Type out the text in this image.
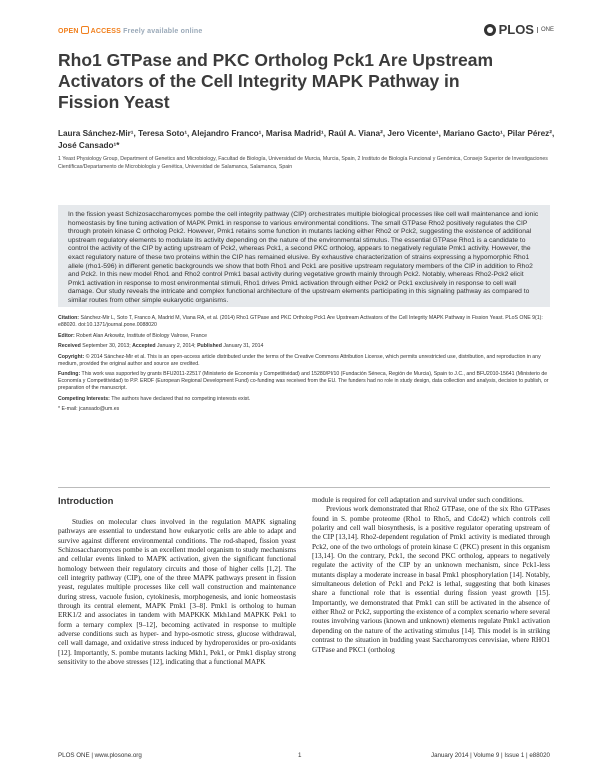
OPEN ACCESS Freely available online	PLOS	ONE
Rho1 GTPase and PKC Ortholog Pck1 Are Upstream Activators of the Cell Integrity MAPK Pathway in Fission Yeast
Laura Sánchez-Mir¹, Teresa Soto¹, Alejandro Franco¹, Marisa Madrid¹, Raúl A. Viana², Jero Vicente¹, Mariano Gacto¹, Pilar Pérez², José Cansado¹*
1 Yeast Physiology Group, Department of Genetics and Microbiology, Facultad de Biología, Universidad de Murcia, Murcia, Spain, 2 Instituto de Biología Funcional y Genómica, Consejo Superior de Investigaciones Científicas/Departamento de Microbiología y Genética, Universidad de Salamanca, Salamanca, Spain

In the fission yeast Schizosaccharomyces pombe the cell integrity pathway (CIP) orchestrates multiple biological processes like cell wall maintenance and ionic homeostasis by fine tuning activation of MAPK Pmk1 in response to various environmental conditions. The small GTPase Rho2 positively regulates the CIP through protein kinase C ortholog Pck2. However, Pmk1 retains some function in mutants lacking either Rho2 or Pck2, suggesting the existence of additional upstream regulatory elements to modulate its activity depending on the nature of the environmental stimulus. The essential GTPase Rho1 is a candidate to control the activity of the CIP by acting upstream of Pck2, whereas Pck1, a second PKC ortholog, appears to negatively regulate Pmk1 activity. However, the exact regulatory nature of these two proteins within the CIP has remained elusive. By exhaustive characterization of strains expressing a hypomorphic Rho1 allele (rho1-596) in different genetic backgrounds we show that both Rho1 and Pck1 are positive upstream regulatory members of the CIP in addition to Rho2 and Pck2. In this new model Rho1 and Rho2 control Pmk1 basal activity during vegetative growth mainly through Pck2. Notably, whereas Rho2-Pck2 elicit Pmk1 activation in response to most environmental stimuli, Rho1 drives Pmk1 activation through either Pck2 or Pck1 exclusively in response to cell wall damage. Our study reveals the intricate and complex functional architecture of the upstream elements participating in this signaling pathway as compared to similar routes from other simple eukaryotic organisms.

Citation: Sánchez-Mir L, Soto T, Franco A, Madrid M, Viana RA, et al. (2014) Rho1 GTPase and PKC Ortholog Pck1 Are Upstream Activators of the Cell Integrity MAPK Pathway in Fission Yeast. PLoS ONE 9(1): e88020. doi:10.1371/journal.pone.0088020

Editor: Robert Alan Arkowitz, Institute of Biology Valrose, France

Received September 30, 2013; Accepted January 2, 2014; Published January 31, 2014

Copyright: © 2014 Sánchez-Mir et al. This is an open-access article distributed under the terms of the Creative Commons Attribution License, which permits unrestricted use, distribution, and reproduction in any medium, provided the original author and source are credited.

Funding: This work was supported by grants BFU2011-22517 (Ministerio de Economía y Competitividad) and 15280/PI/10 (Fundación Séneca, Región de Murcia), Spain to J.C., and BFU2010-15641 (Ministerio de Economía y Competitividad) to P.P. ERDF (European Regional Development Fund) co-funding was received from the EU. The funders had no role in study design, data collection and analysis, decision to publish, or preparation of the manuscript.

Competing Interests: The authors have declared that no competing interests exist.

* E-mail: jcansado@um.es

Introduction

Studies on molecular clues involved in the regulation MAPK signaling pathways are essential to understand how eukaryotic cells are able to adapt and survive against different environmental conditions. The rod-shaped, fission yeast Schizosaccharomyces pombe is an excellent model organism to study mechanisms and cellular events linked to MAPK activation, given the significant functional homology between their regulatory circuits and those of higher cells [1,2]. The cell integrity pathway (CIP), one of the three MAPK pathways present in fission yeast, regulates multiple processes like cell wall construction and maintenance during stress, vacuole fusion, cytokinesis, morphogenesis, and ionic homeostasis through its central element, MAPK Pmk1 [3–8]. Pmk1 is ortholog to human ERK1/2 and associates in tandem with MAPKKK Mkh1and MAPKK Pek1 to form a ternary complex [9–12], becoming activated in response to multiple adverse conditions such as hyper- and hypo-osmotic stress, glucose withdrawal, cell wall damage, and oxidative stress induced by hydroperoxides or pro-oxidants [12]. Importantly, S. pombe mutants lacking Mkh1, Pek1, or Pmk1 display strong sensitivity to the above stresses [12], indicating that a functional MAPK

module is required for cell adaptation and survival under such conditions.

Previous work demonstrated that Rho2 GTPase, one of the six Rho GTPases found in S. pombe proteome (Rho1 to Rho5, and Cdc42) which controls cell polarity and cell wall biosynthesis, is a positive regulator operating upstream of the CIP [13,14]. Rho2-dependent regulation of Pmk1 activity is mediated through Pck2, one of the two orthologs of protein kinase C (PKC) present in this organism [13,14]. On the contrary, Pck1, the second PKC ortholog, appears to negatively regulate the activity of the CIP by an unknown mechanism, since Pck1-less mutants display a moderate increase in basal Pmk1 phosphorylation [14]. Notably, simultaneous deletion of Pck1 and Pck2 is lethal, suggesting that both kinases share a functional role that is essential during fission yeast growth [15]. Importantly, we demonstrated that Pmk1 can still be activated in the absence of either Rho2 or Pck2, supporting the existence of a complex scenario where several routes involving various (known and unknown) elements regulate Pmk1 activation depending on the nature of the activating stimulus [14]. This model is in striking contrast to the situation in budding yeast Saccharomyces cerevisiae, where RHO1 GTPase and PKC1 (ortholog

PLOS ONE | www.plosone.org	1	January 2014 | Volume 9 | Issue 1 | e88020
